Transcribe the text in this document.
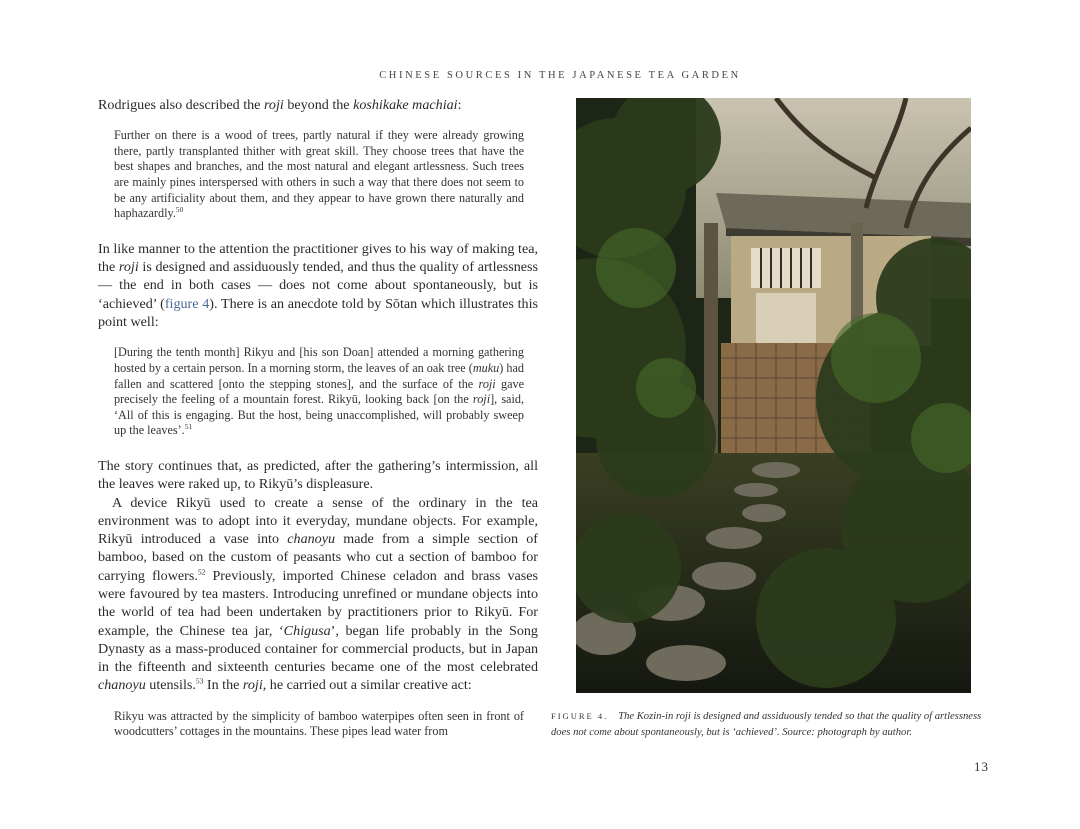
CHINESE SOURCES IN THE JAPANESE TEA GARDEN

Rodrigues also described the roji beyond the koshikake machiai:

Further on there is a wood of trees, partly natural if they were already growing there, partly transplanted thither with great skill. They choose trees that have the best shapes and branches, and the most natural and elegant artlessness. Such trees are mainly pines interspersed with others in such a way that there does not seem to be any artificiality about them, and they appear to have grown there naturally and haphazardly.$^{50}$

In like manner to the attention the practitioner gives to his way of making tea, the roji is designed and assiduously tended, and thus the quality of artlessness — the end in both cases — does not come about spontaneously, but is ‘achieved’ (figure 4). There is an anecdote told by Sōtan which illustrates this point well:

[During the tenth month] Rikyu and [his son Doan] attended a morning gathering hosted by a certain person. In a morning storm, the leaves of an oak tree (muku) had fallen and scattered [onto the stepping stones], and the surface of the roji gave precisely the feeling of a mountain forest. Rikyū, looking back [on the roji], said, ‘All of this is engaging. But the host, being unaccomplished, will probably sweep up the leaves’.$^{51}$

The story continues that, as predicted, after the gathering’s intermission, all the leaves were raked up, to Rikyū’s displeasure.

A device Rikyū used to create a sense of the ordinary in the tea environment was to adopt into it everyday, mundane objects. For example, Rikyū introduced a vase into chanoyu made from a simple section of bamboo, based on the custom of peasants who cut a section of bamboo for carrying flowers.$^{52}$ Previously, imported Chinese celadon and brass vases were favoured by tea masters. Introducing unrefined or mundane objects into the world of tea had been undertaken by practitioners prior to Rikyū. For example, the Chinese tea jar, ‘Chigusa’, began life probably in the Song Dynasty as a mass-produced container for commercial products, but in Japan in the fifteenth and sixteenth centuries became one of the most celebrated chanoyu utensils.$^{53}$ In the roji, he carried out a similar creative act:

Rikyu was attracted by the simplicity of bamboo waterpipes often seen in front of woodcutters’ cottages in the mountains. These pipes lead water from

FIGURE 4. The Kozin-in roji is designed and assiduously tended so that the quality of artlessness does not come about spontaneously, but is ‘achieved’. Source: photograph by author.
13
